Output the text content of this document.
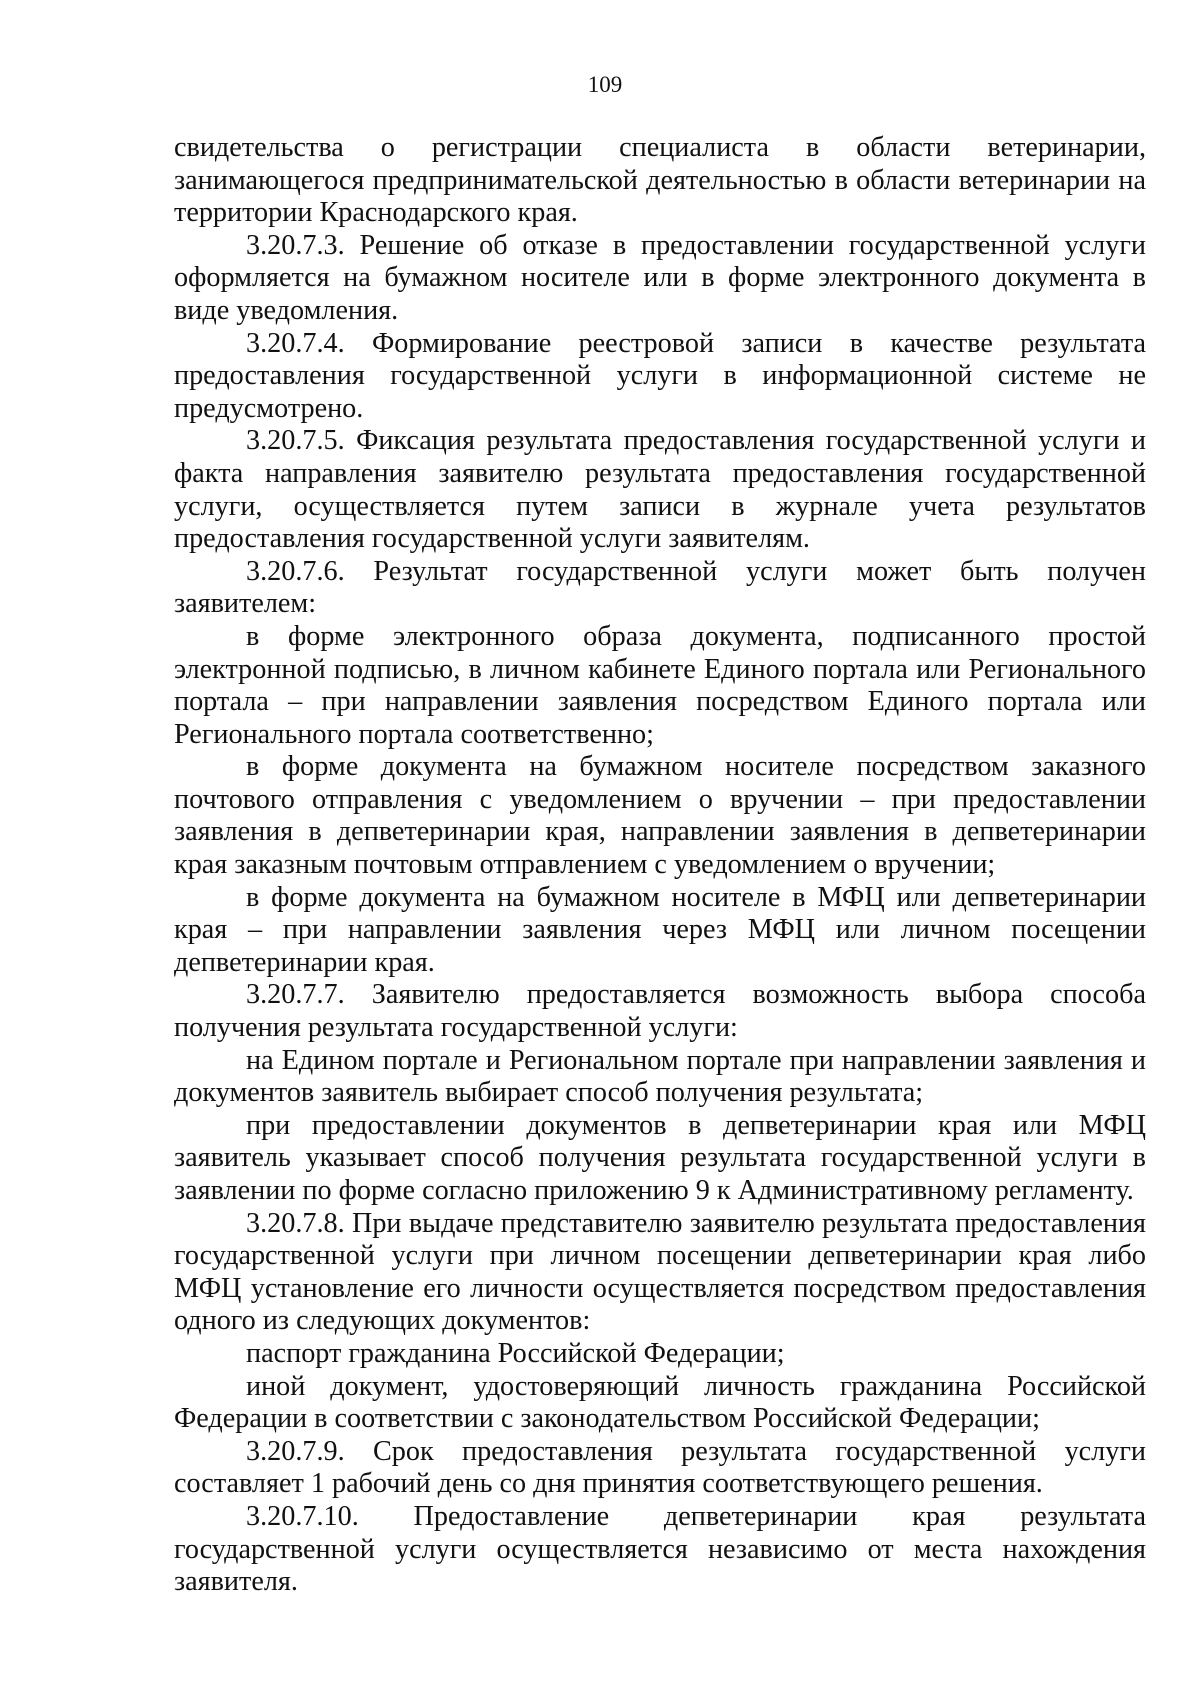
109

свидетельства о регистрации специалиста в области ветеринарии, занимающегося предпринимательской деятельностью в области ветеринарии на территории Краснодарского края.

3.20.7.3. Решение об отказе в предоставлении государственной услуги оформляется на бумажном носителе или в форме электронного документа в виде уведомления.

3.20.7.4. Формирование реестровой записи в качестве результата предоставления государственной услуги в информационной системе не предусмотрено.

3.20.7.5. Фиксация результата предоставления государственной услуги и факта направления заявителю результата предоставления государственной услуги, осуществляется путем записи в журнале учета результатов предоставления государственной услуги заявителям.

3.20.7.6. Результат государственной услуги может быть получен заявителем:

в форме электронного образа документа, подписанного простой электронной подписью, в личном кабинете Единого портала или Регионального портала – при направлении заявления посредством Единого портала или Регионального портала соответственно;

в форме документа на бумажном носителе посредством заказного почтового отправления с уведомлением о вручении – при предоставлении заявления в депветеринарии края, направлении заявления в депветеринарии края заказным почтовым отправлением с уведомлением о вручении;

в форме документа на бумажном носителе в МФЦ или депветеринарии края – при направлении заявления через МФЦ или личном посещении депветеринарии края.

3.20.7.7. Заявителю предоставляется возможность выбора способа получения результата государственной услуги:

на Едином портале и Региональном портале при направлении заявления и документов заявитель выбирает способ получения результата;

при предоставлении документов в депветеринарии края или МФЦ заявитель указывает способ получения результата государственной услуги в заявлении по форме согласно приложению 9 к Административному регламенту.

3.20.7.8. При выдаче представителю заявителю результата предоставления государственной услуги при личном посещении депветеринарии края либо МФЦ установление его личности осуществляется посредством предоставления одного из следующих документов:

паспорт гражданина Российской Федерации;

иной документ, удостоверяющий личность гражданина Российской Федерации в соответствии с законодательством Российской Федерации;

3.20.7.9. Срок предоставления результата государственной услуги составляет 1 рабочий день со дня принятия соответствующего решения.

3.20.7.10. Предоставление депветеринарии края результата государственной услуги осуществляется независимо от места нахождения заявителя.
